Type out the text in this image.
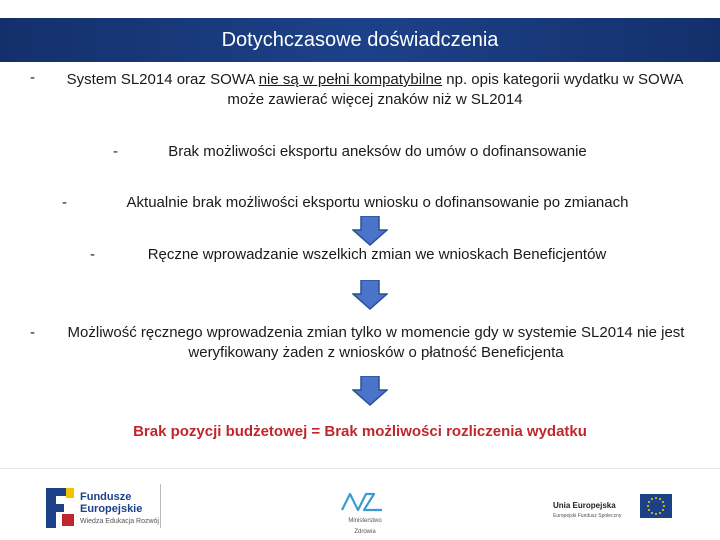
Dotychczasowe doświadczenia
-	System SL2014 oraz SOWA nie są w pełni kompatybilne np. opis kategorii wydatku w SOWA może zawierać więcej znaków niż w SL2014
-	Brak możliwości eksportu aneksów do umów o dofinansowanie
-	Aktualnie brak możliwości eksportu wniosku o dofinansowanie po zmianach
-	Ręczne wprowadzanie wszelkich zmian we wnioskach Beneficjentów
-	Możliwość ręcznego wprowadzenia zmian tylko w momencie gdy w systemie SL2014 nie jest weryfikowany żaden z wniosków o płatność Beneficjenta
Brak pozycji budżetowej = Brak możliwości rozliczenia wydatku
Fundusze
Europejskie
Wiedza Edukacja Rozwój	Ministerstwo Zdrowia
Unia Europejska
Europejski Fundusz Społeczny
